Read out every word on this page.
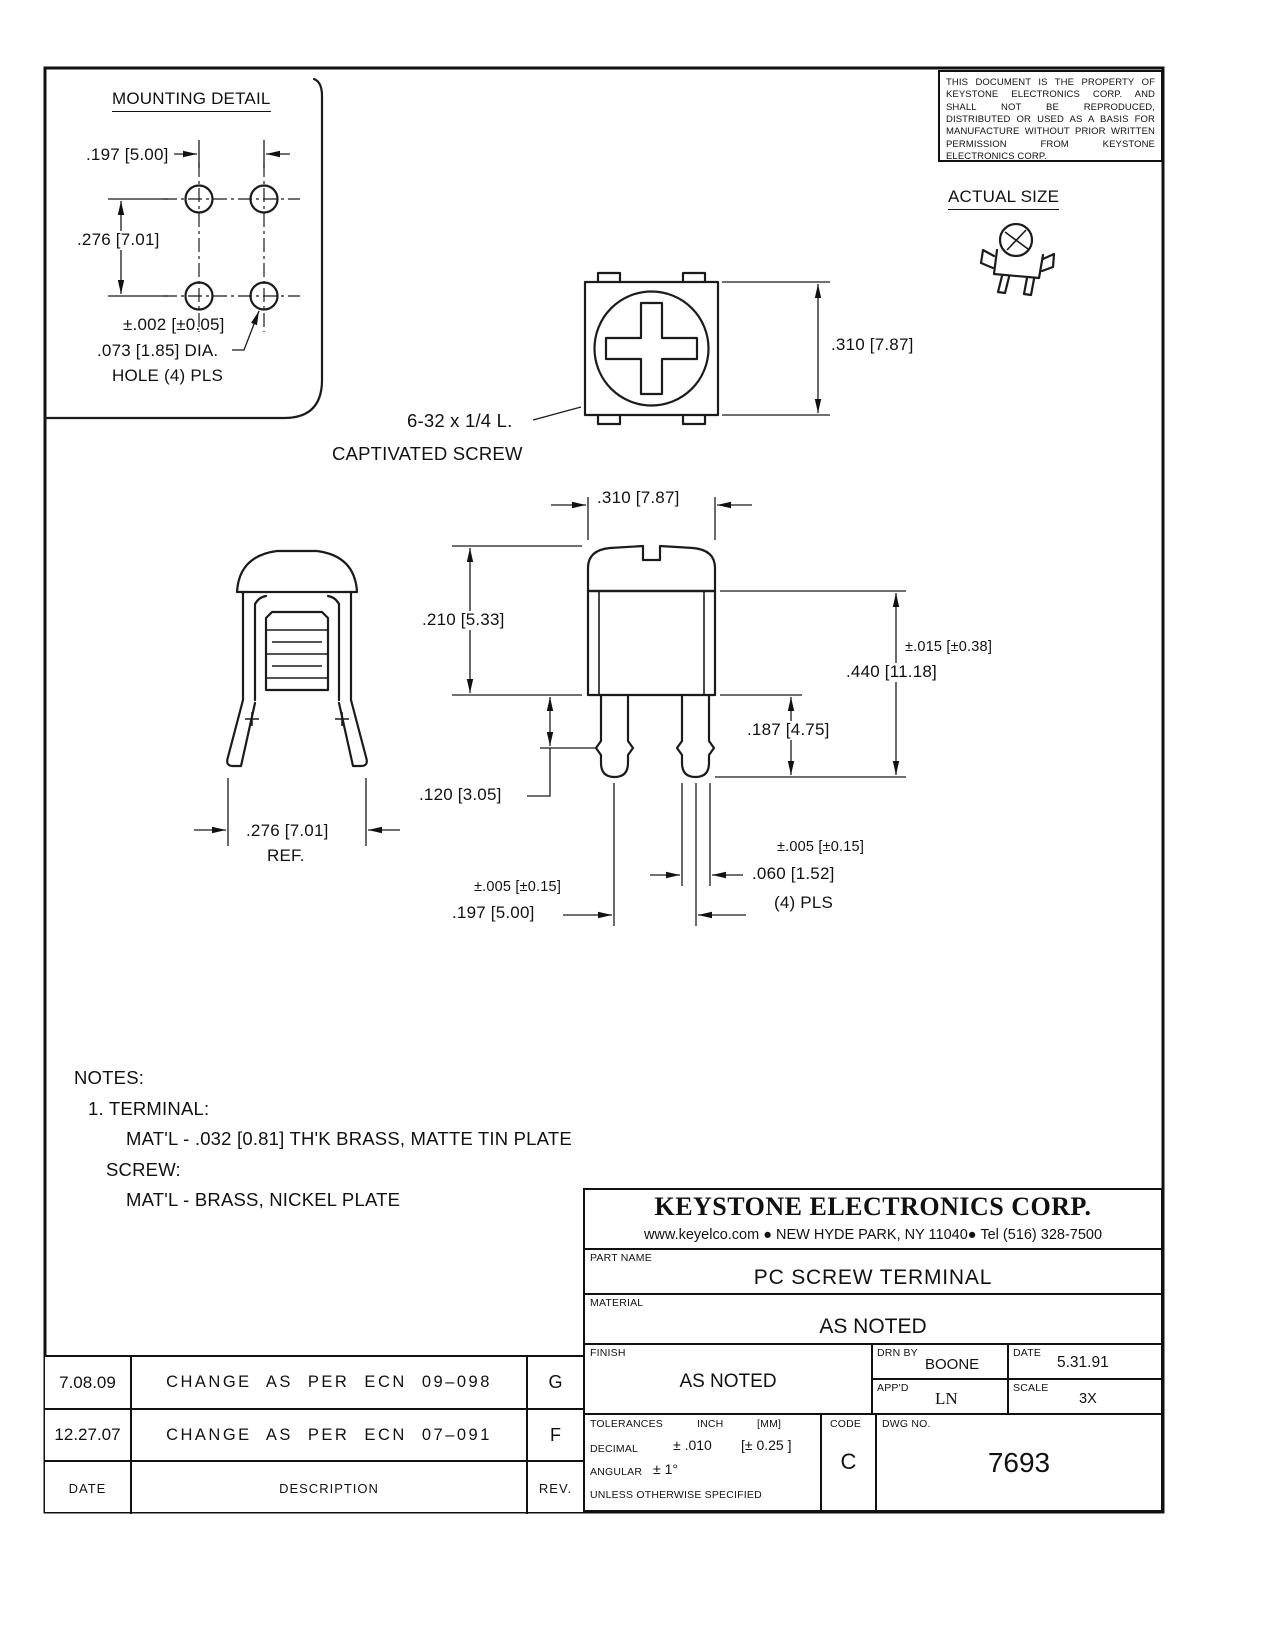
THIS DOCUMENT IS THE PROPERTY OF KEYSTONE ELECTRONICS CORP. AND SHALL NOT BE REPRODUCED, DISTRIBUTED OR USED AS A BASIS FOR MANUFACTURE WITHOUT PRIOR WRITTEN PERMISSION FROM KEYSTONE ELECTRONICS CORP.
ACTUAL SIZE
MOUNTING DETAIL
.197 [5.00]
.276 [7.01]
±.002 [±0.05]
.073 [1.85] DIA.
HOLE (4) PLS
6-32 x 1/4 L.
CAPTIVATED SCREW
.310 [7.87]
.310 [7.87]
.210 [5.33]
±.015 [±0.38]
.440 [11.18]
.187 [4.75]
.120 [3.05]
.276 [7.01]
REF.
±.005 [±0.15]
.197 [5.00]
±.005 [±0.15]
.060 [1.52]
(4) PLS
NOTES:
1. TERMINAL:
MAT'L - .032 [0.81] TH'K BRASS, MATTE TIN PLATE
SCREW:
MAT'L - BRASS, NICKEL PLATE	KEYSTONE ELECTRONICS CORP.
www.keyelco.com ● NEW HYDE PARK, NY 11040● Tel (516) 328-7500
PART NAME
PC SCREW TERMINAL
MATERIAL
AS NOTED
FINISH
AS NOTED
DRN BY
BOONE
DATE
5.31.91
APP'D
LN
SCALE
3X
TOLERANCES	INCH	[MM]
DECIMAL ± .010 [± 0.25 ]
ANGULAR ± 1°
UNLESS OTHERWISE SPECIFIED
CODE
C
DWG NO.
7693
7.08.09	CHANGE AS PER ECN 09–098	G
12.27.07	CHANGE AS PER ECN 07–091	F
DATE	DESCRIPTION	REV.
